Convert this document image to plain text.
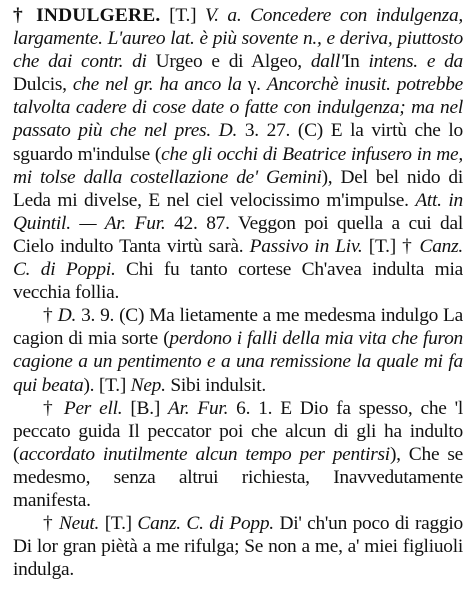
† INDULGERE. [T.] V. a. Concedere con indulgenza, largamente. L'aureo lat. è più sovente n., e deriva, piuttosto che dai contr. di Urgeo e di Algeo, dall'In intens. e da Dulcis, che nel gr. ha anco la γ. Ancorchè inusit. potrebbe talvolta cadere di cose date o fatte con indulgenza; ma nel passato più che nel pres. D. 3. 27. (C) E la virtù che lo sguardo m'indulse (che gli occhi di Beatrice infusero in me, mi tolse dalla costellazione de' Gemini), Del bel nido di Leda mi divelse, E nel ciel velocissimo m'impulse. Att. in Quintil. — Ar. Fur. 42. 87. Veggon poi quella a cui dal Cielo indulto Tanta virtù sarà. Passivo in Liv. [T.] † Canz. C. di Poppi. Chi fu tanto cortese Ch'avea indulta mia vecchia follia.

† D. 3. 9. (C) Ma lietamente a me medesma indulgo La cagion di mia sorte (perdono i falli della mia vita che furon cagione a un pentimento e a una remissione la quale mi fa qui beata). [T.] Nep. Sibi indulsit.

† Per ell. [B.] Ar. Fur. 6. 1. E Dio fa spesso, che 'l peccato guida Il peccator poi che alcun di gli ha indulto (accordato inutilmente alcun tempo per pentirsi), Che se medesmo, senza altrui richiesta, Inavvedutamente manifesta.

† Neut. [T.] Canz. C. di Popp. Di' ch'un poco di raggio Di lor gran piètà a me rifulga; Se non a me, a' miei figliuoli indulga.
